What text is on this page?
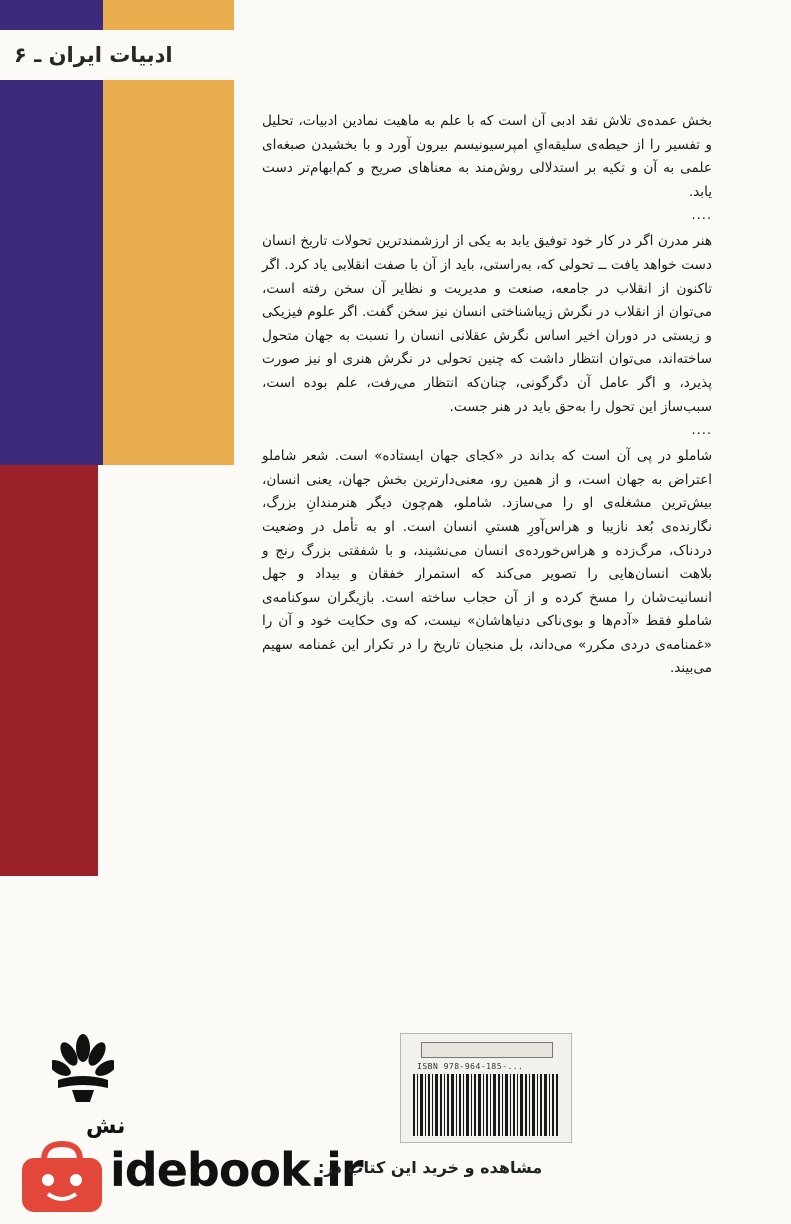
ادبیات ایران ـ ۶

بخش عمده‌ی تلاش نقد ادبی آن است که با علم به ماهیت نمادین ادبیات، تحلیل و تفسیر را از حیطه‌ی سلیقه‌ایِ امپرسیونیسم بیرون آورد و با بخشیدن صبغه‌ای علمی به آن و تکیه بر استدلالی روش‌مند به معناهای صریح و کم‌ابهام‌تر دست یابد.

....

هنر مدرن اگر در کار خود توفیق یابد به یکی از ارزشمندترین تحولات تاریخ انسان دست خواهد یافت ــ تحولی که، به‌راستی، باید از آن با صفت انقلابی یاد کرد. اگر تاکنون از انقلاب در جامعه، صنعت و مدیریت و نظایر آن سخن رفته است، می‌توان از انقلاب در نگرش زیباشناختی انسان نیز سخن گفت. اگر علوم فیزیکی و زیستی در دوران اخیر اساس نگرش عقلانی انسان را نسبت به جهان متحول ساخته‌اند، می‌توان انتظار داشت که چنین تحولی در نگرش هنری او نیز صورت پذیرد، و اگر عامل آن دگرگونی، چنان‌که انتظار می‌رفت، علم بوده است، سبب‌ساز این تحول را به‌حق باید در هنر جست.

....

شاملو در پی آن است که بداند در «کجای جهان ایستاده» است. شعر شاملو اعتراض به جهان است، و از همین رو، معنی‌دارترین بخش جهان، یعنی انسان، بیش‌ترین مشغله‌ی او را می‌سازد. شاملو، هم‌چون دیگر هنرمندانِ بزرگ، نگارنده‌ی بُعد نازیبا و هراس‌آورِ هستیِ انسان است. او به تأمل در وضعیت دردناک، مرگ‌زده و هراس‌خورده‌ی انسان می‌نشیند، و با شفقتی بزرگ رنج و بلاهت انسان‌هایی را تصویر می‌کند که استمرار خفقان و بیداد و جهل انسانیت‌شان را مسخ کرده و از آن حجاب ساخته است. بازیگران سوکنامه‌ی شاملو فقط «آدم‌ها و بوی‌ناکی دنیاهاشان» نیست، که وی حکایت خود و آن را «غمنامه‌ی دردی مکرر» می‌داند، بل منجیان تاریخ را در تکرار این غمنامه سهیم می‌بیند.

نش
ISBN 978-964-185-...
idebook.ir
مشاهده و خرید این کتاب در:
